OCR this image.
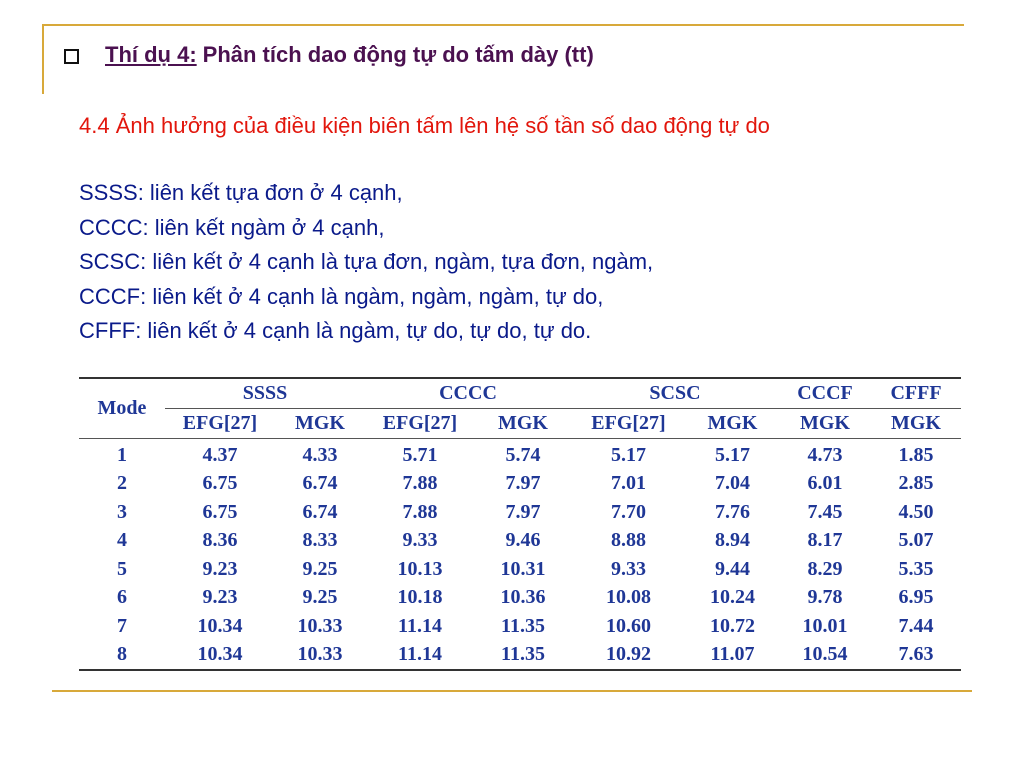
Thí dụ 4: Phân tích dao động tự do tấm dày (tt)
4.4 Ảnh hưởng của điều kiện biên tấm lên hệ số tần số dao động tự do
SSSS: liên kết tựa đơn ở 4 cạnh,
CCCC: liên kết ngàm ở 4 cạnh,
SCSC: liên kết ở 4 cạnh là tựa đơn, ngàm, tựa đơn, ngàm,
CCCF: liên kết ở 4 cạnh là ngàm, ngàm, ngàm, tự do,
CFFF: liên kết ở 4 cạnh là ngàm, tự do, tự do, tự do.
Mode	SSSS		CCCC		SCSC		CCCF	CFFF
	EFG[27]	MGK	EFG[27]	MGK	EFG[27]	MGK	MGK	MGK
1	4.37	4.33	5.71	5.74	5.17	5.17	4.73	1.85
2	6.75	6.74	7.88	7.97	7.01	7.04	6.01	2.85
3	6.75	6.74	7.88	7.97	7.70	7.76	7.45	4.50
4	8.36	8.33	9.33	9.46	8.88	8.94	8.17	5.07
5	9.23	9.25	10.13	10.31	9.33	9.44	8.29	5.35
6	9.23	9.25	10.18	10.36	10.08	10.24	9.78	6.95
7	10.34	10.33	11.14	11.35	10.60	10.72	10.01	7.44
8	10.34	10.33	11.14	11.35	10.92	11.07	10.54	7.63
